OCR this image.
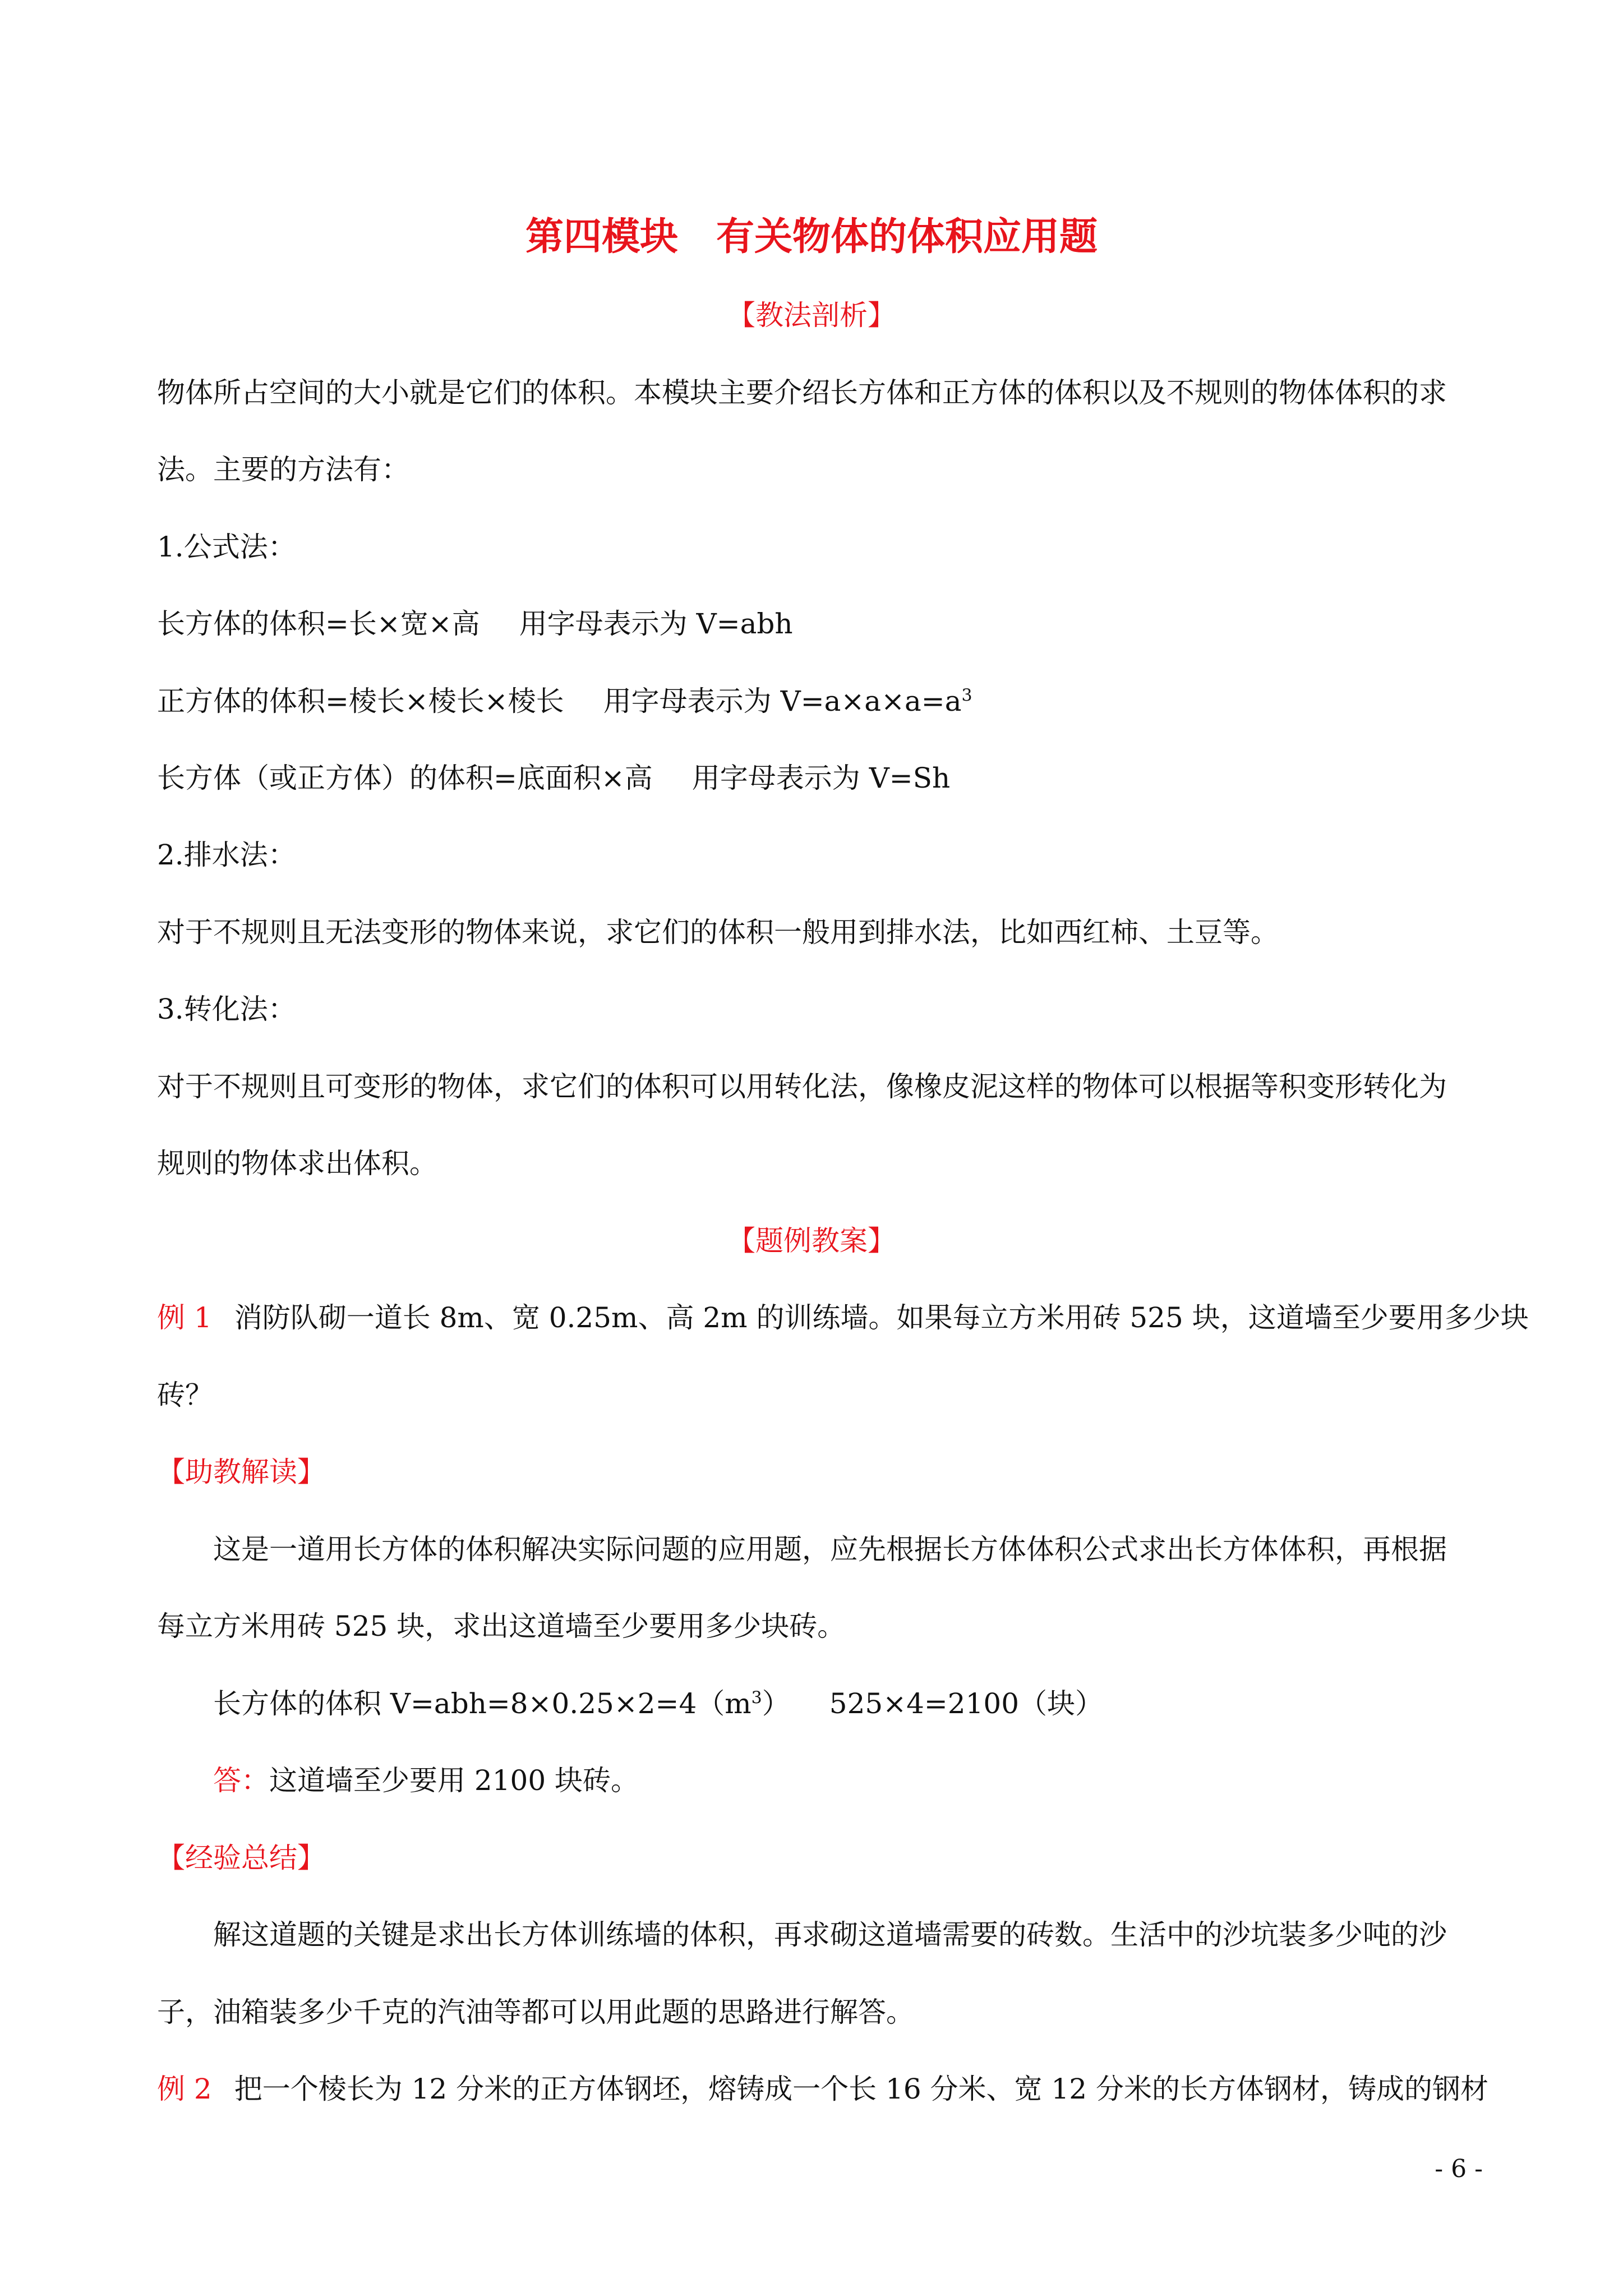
第四模块　有关物体的体积应用题
【教法剖析】
物体所占空间的大小就是它们的体积。本模块主要介绍长方体和正方体的体积以及不规则的物体体积的求
法。主要的方法有：
1.公式法：
长方体的体积=长×宽×高 用字母表示为 V=abh
正方体的体积=棱长×棱长×棱长 用字母表示为 $V=a\times a\times a=a^3$
长方体（或正方体）的体积=底面积×高 用字母表示为 V=Sh
2.排水法：
对于不规则且无法变形的物体来说，求它们的体积一般用到排水法，比如西红柿、土豆等。
3.转化法：
对于不规则且可变形的物体，求它们的体积可以用转化法，像橡皮泥这样的物体可以根据等积变形转化为
规则的物体求出体积。
【题例教案】
例 1 消防队砌一道长 8m、宽 0.25m、高 2m 的训练墙。如果每立方米用砖 525 块，这道墙至少要用多少块
砖？
【助教解读】
这是一道用长方体的体积解决实际问题的应用题，应先根据长方体体积公式求出长方体体积，再根据
每立方米用砖 525 块，求出这道墙至少要用多少块砖。
长方体的体积 $V=abh=8\times 0.25\times 2=4(m^3)$ 525×4=2100（块）
答：这道墙至少要用 2100 块砖。
【经验总结】
解这道题的关键是求出长方体训练墙的体积，再求砌这道墙需要的砖数。生活中的沙坑装多少吨的沙
子，油箱装多少千克的汽油等都可以用此题的思路进行解答。
例 2 把一个棱长为 12 分米的正方体钢坯，熔铸成一个长 16 分米、宽 12 分米的长方体钢材，铸成的钢材
- 6 -
